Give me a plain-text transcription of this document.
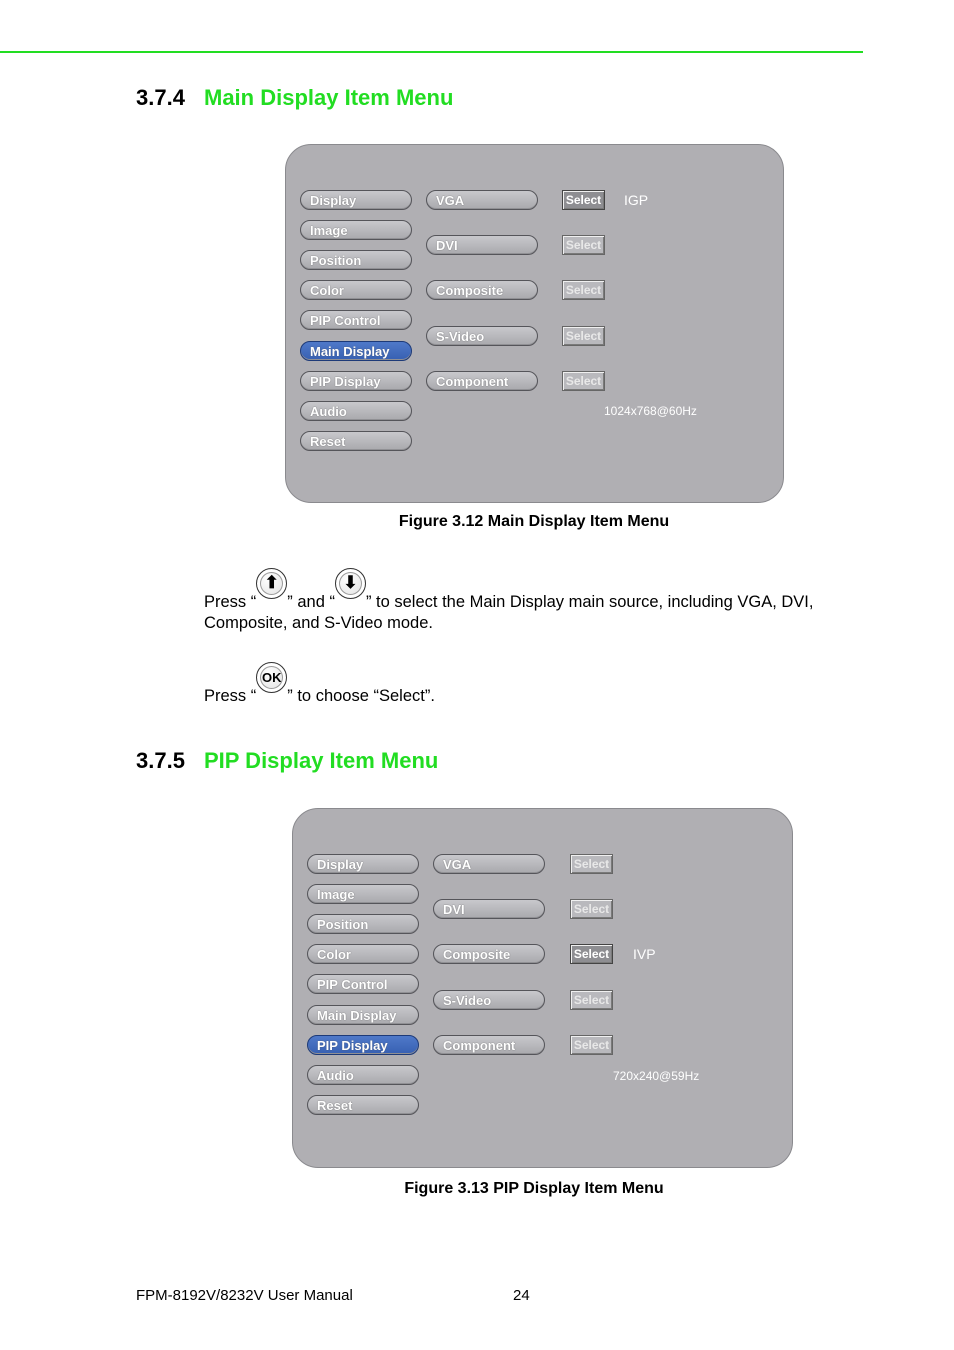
3.7.4 Main Display Item Menu
Display
Image
Position
Color
PIP Control
Main Display
PIP Display
Audio
Reset
VGA	Select IGP
DVI	Select
Composite	Select
S-Video	Select
Component	Select
1024x768@60Hz
Figure 3.12 Main Display Item Menu
Press “
⬆
” and “
⬇
” to select the Main Display main source, including VGA, DVI, Composite, and S-Video mode.
Press “
OK
” to choose “Select”.
3.7.5 PIP Display Item Menu
Display
Image
Position
Color
PIP Control
Main Display
PIP Display
Audio
Reset
VGA	Select
DVI	Select
Composite	Select IVP
S-Video	Select
Component	Select
720x240@59Hz
Figure 3.13 PIP Display Item Menu
FPM-8192V/8232V User Manual	24
